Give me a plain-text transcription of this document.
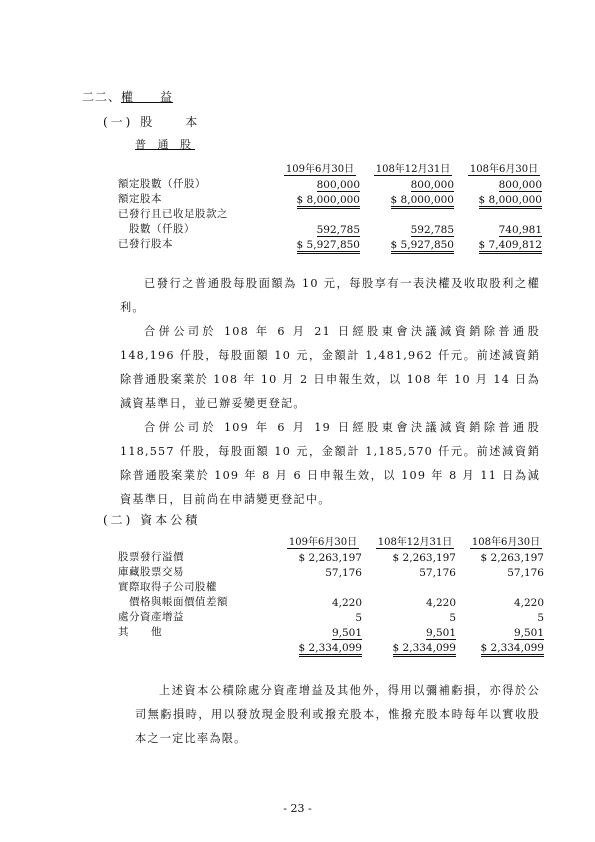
二二、權　　益
(一) 股　　本
普 通 股
	109年6月30日	108年12月31日	108年6月30日
額定股數（仟股）	800,000	800,000	800,000
額定股本	$ 8,000,000	$ 8,000,000	$ 8,000,000
已發行且已收足股款之			
　股數（仟股）	592,785	592,785	740,981
已發行股本	$ 5,927,850	$ 5,927,850	$ 7,409,812
已發行之普通股每股面額為 10 元，每股享有一表決權及收取股利之權利。
合併公司於 108 年 6 月 21 日經股東會決議減資銷除普通股 148,196 仟股，每股面額 10 元，金額計 1,481,962 仟元。前述減資銷除普通股案業於 108 年 10 月 2 日申報生效，以 108 年 10 月 14 日為減資基準日，並已辦妥變更登記。
合併公司於 109 年 6 月 19 日經股東會決議減資銷除普通股 118,557 仟股，每股面額 10 元，金額計 1,185,570 仟元。前述減資銷除普通股案業於 109 年 8 月 6 日申報生效，以 109 年 8 月 11 日為減資基準日，目前尚在申請變更登記中。
(二) 資本公積
	109年6月30日	108年12月31日	108年6月30日
股票發行溢價	$ 2,263,197	$ 2,263,197	$ 2,263,197
庫藏股票交易	57,176	57,176	57,176
實際取得子公司股權			
　價格與帳面價值差額	4,220	4,220	4,220
處分資產增益	5	5	5
其　　他	9,501	9,501	9,501
	$ 2,334,099	$ 2,334,099	$ 2,334,099
上述資本公積除處分資產增益及其他外，得用以彌補虧損，亦得於公司無虧損時，用以發放現金股利或撥充股本，惟撥充股本時每年以實收股本之一定比率為限。
- 23 -
